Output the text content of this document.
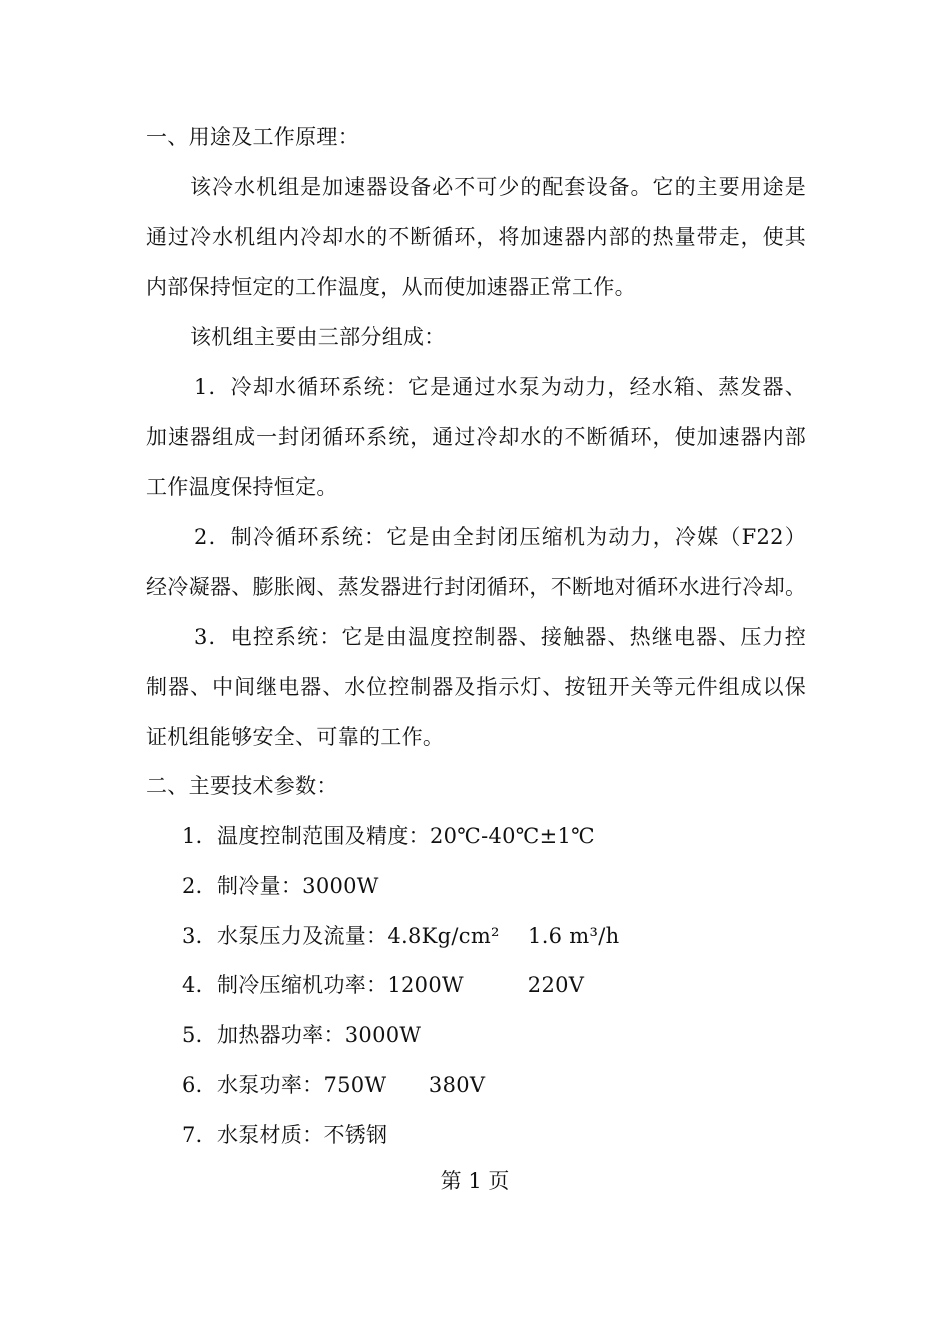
一、用途及工作原理：
该冷水机组是加速器设备必不可少的配套设备。它的主要用途是
通过冷水机组内冷却水的不断循环，将加速器内部的热量带走，使其
内部保持恒定的工作温度，从而使加速器正常工作。
该机组主要由三部分组成：
1．冷却水循环系统：它是通过水泵为动力，经水箱、蒸发器、
加速器组成一封闭循环系统，通过冷却水的不断循环，使加速器内部
工作温度保持恒定。
2．制冷循环系统：它是由全封闭压缩机为动力，冷媒（F22）
经冷凝器、膨胀阀、蒸发器进行封闭循环，不断地对循环水进行冷却。
3．电控系统：它是由温度控制器、接触器、热继电器、压力控
制器、中间继电器、水位控制器及指示灯、按钮开关等元件组成以保
证机组能够安全、可靠的工作。
二、主要技术参数：
1．温度控制范围及精度：20℃-40℃±1℃
2．制冷量：3000W
3．水泵压力及流量：4.8Kg/cm²　 1.6 m³/h
4．制冷压缩机功率：1200W　　　220V
5．加热器功率：3000W
6．水泵功率：750W　　380V
7．水泵材质：不锈钢
第 1 页
